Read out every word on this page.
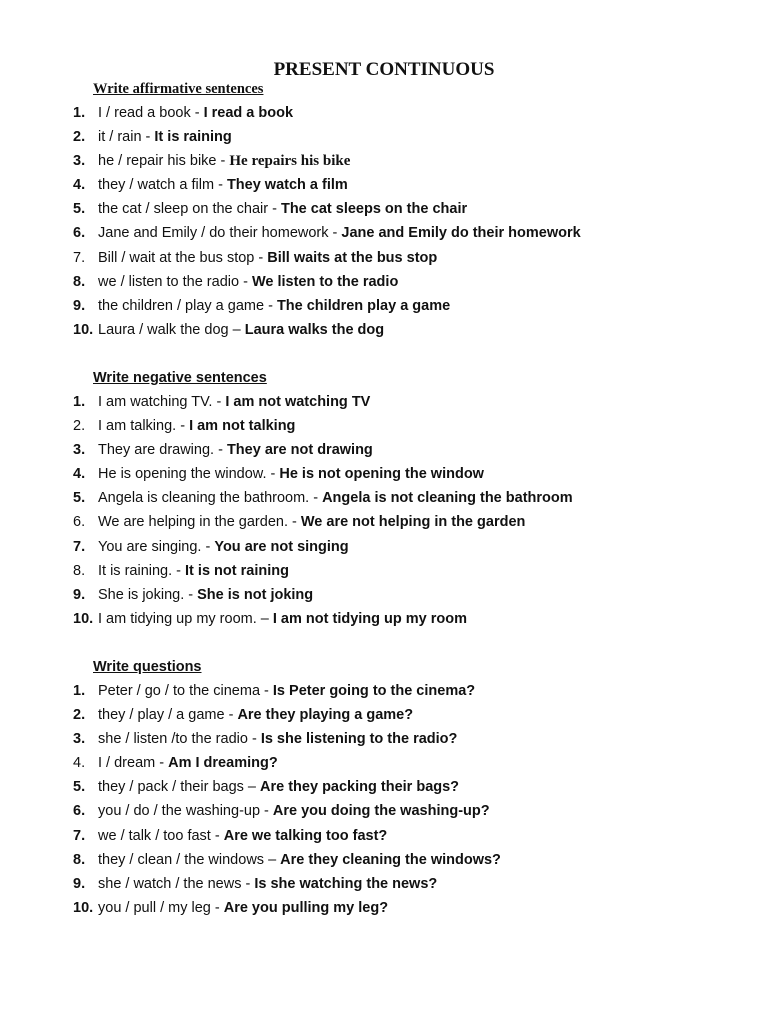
PRESENT CONTINUOUS
Write affirmative sentences
1. I / read a book - I read a book
2. it / rain - It is raining
3. he / repair his bike - He repairs his bike
4. they / watch a film - They watch a film
5. the cat / sleep on the chair - The cat sleeps on the chair
6. Jane and Emily / do their homework - Jane and Emily do their homework
7. Bill / wait at the bus stop - Bill waits at the bus stop
8. we / listen to the radio - We listen to the radio
9. the children / play a game - The children play a game
10. Laura / walk the dog – Laura walks the dog
Write negative sentences
1. I am watching TV. - I am not watching TV
2. I am talking. - I am not talking
3. They are drawing. - They are not drawing
4. He is opening the window. - He is not opening the window
5. Angela is cleaning the bathroom. - Angela is not cleaning the bathroom
6. We are helping in the garden. - We are not helping in the garden
7. You are singing. - You are not singing
8. It is raining. - It is not raining
9. She is joking. - She is not joking
10. I am tidying up my room. – I am not tidying up my room
Write questions
1. Peter / go / to the cinema - Is Peter going to the cinema?
2. they / play / a game - Are they playing a game?
3. she / listen /to the radio - Is she listening to the radio?
4. I / dream - Am I dreaming?
5. they / pack / their bags – Are they packing their bags?
6. you / do / the washing-up - Are you doing the washing-up?
7. we / talk / too fast - Are we talking too fast?
8. they / clean / the windows – Are they cleaning the windows?
9. she / watch / the news - Is she watching the news?
10. you / pull / my leg - Are you pulling my leg?
